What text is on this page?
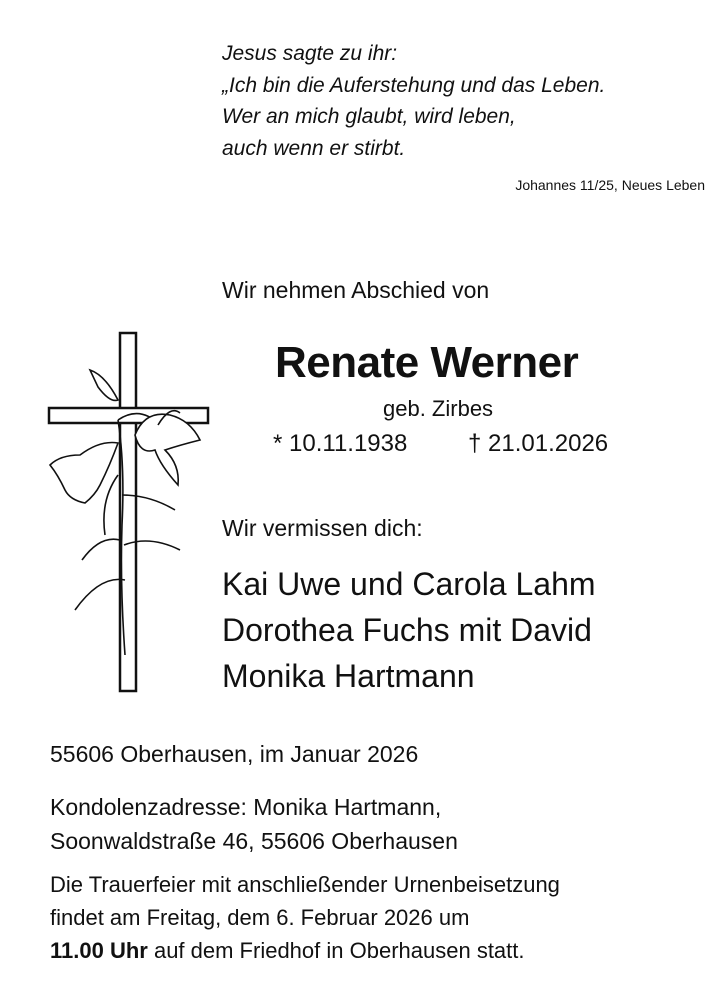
Jesus sagte zu ihr:
„Ich bin die Auferstehung und das Leben.
Wer an mich glaubt, wird leben,
auch wenn er stirbt.
Johannes 11/25, Neues Leben
Wir nehmen Abschied von
Renate Werner
geb. Zirbes
* 10.11.1938	† 21.01.2026
Wir vermissen dich:
Kai Uwe und Carola Lahm
Dorothea Fuchs mit David
Monika Hartmann
55606 Oberhausen, im Januar 2026
Kondolenzadresse: Monika Hartmann,
Soonwaldstraße 46, 55606 Oberhausen
Die Trauerfeier mit anschließender Urnenbeisetzung
findet am Freitag, dem 6. Februar 2026 um
11.00 Uhr auf dem Friedhof in Oberhausen statt.
